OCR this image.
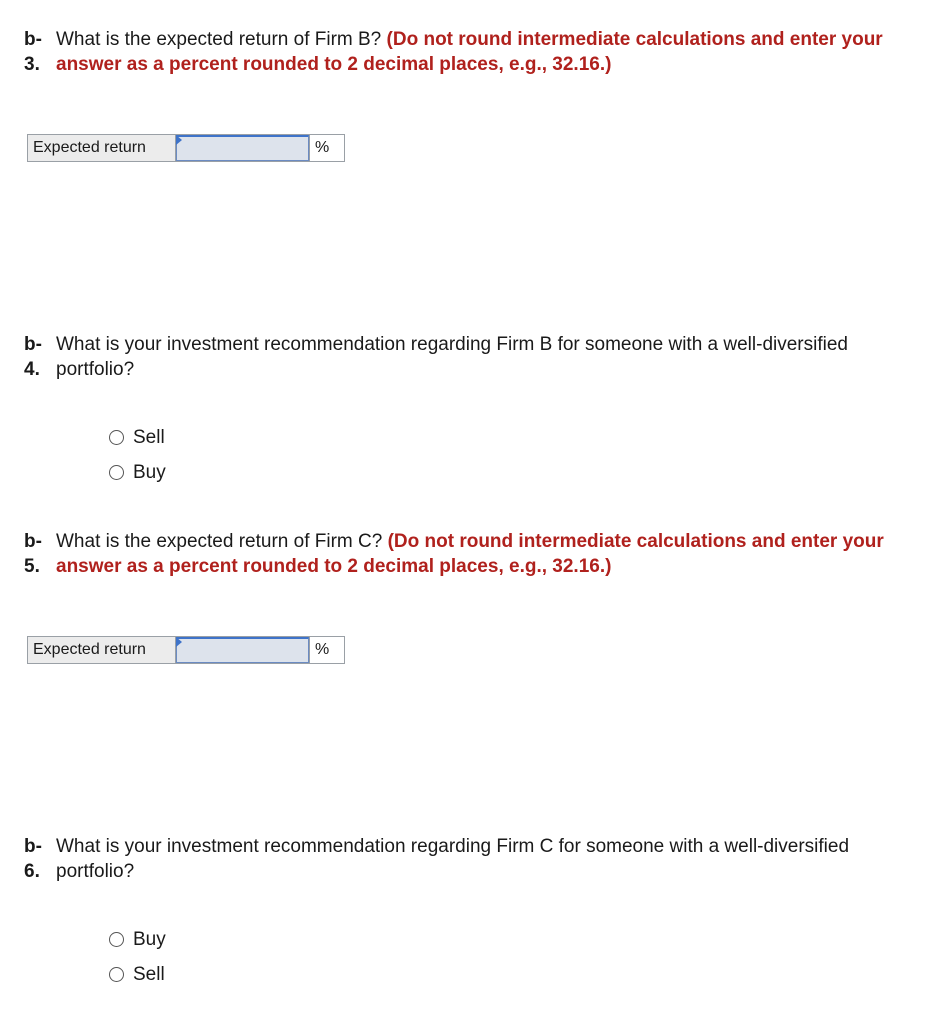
b-
3.
What is the expected return of Firm B? (Do not round intermediate calculations and enter your answer as a percent rounded to 2 decimal places, e.g., 32.16.)
Expected return	%
b-
4.
What is your investment recommendation regarding Firm B for someone with a well-diversified portfolio?
Sell
Buy
b-
5.
What is the expected return of Firm C? (Do not round intermediate calculations and enter your answer as a percent rounded to 2 decimal places, e.g., 32.16.)
Expected return	%
b-
6.
What is your investment recommendation regarding Firm C for someone with a well-diversified portfolio?
Buy
Sell
